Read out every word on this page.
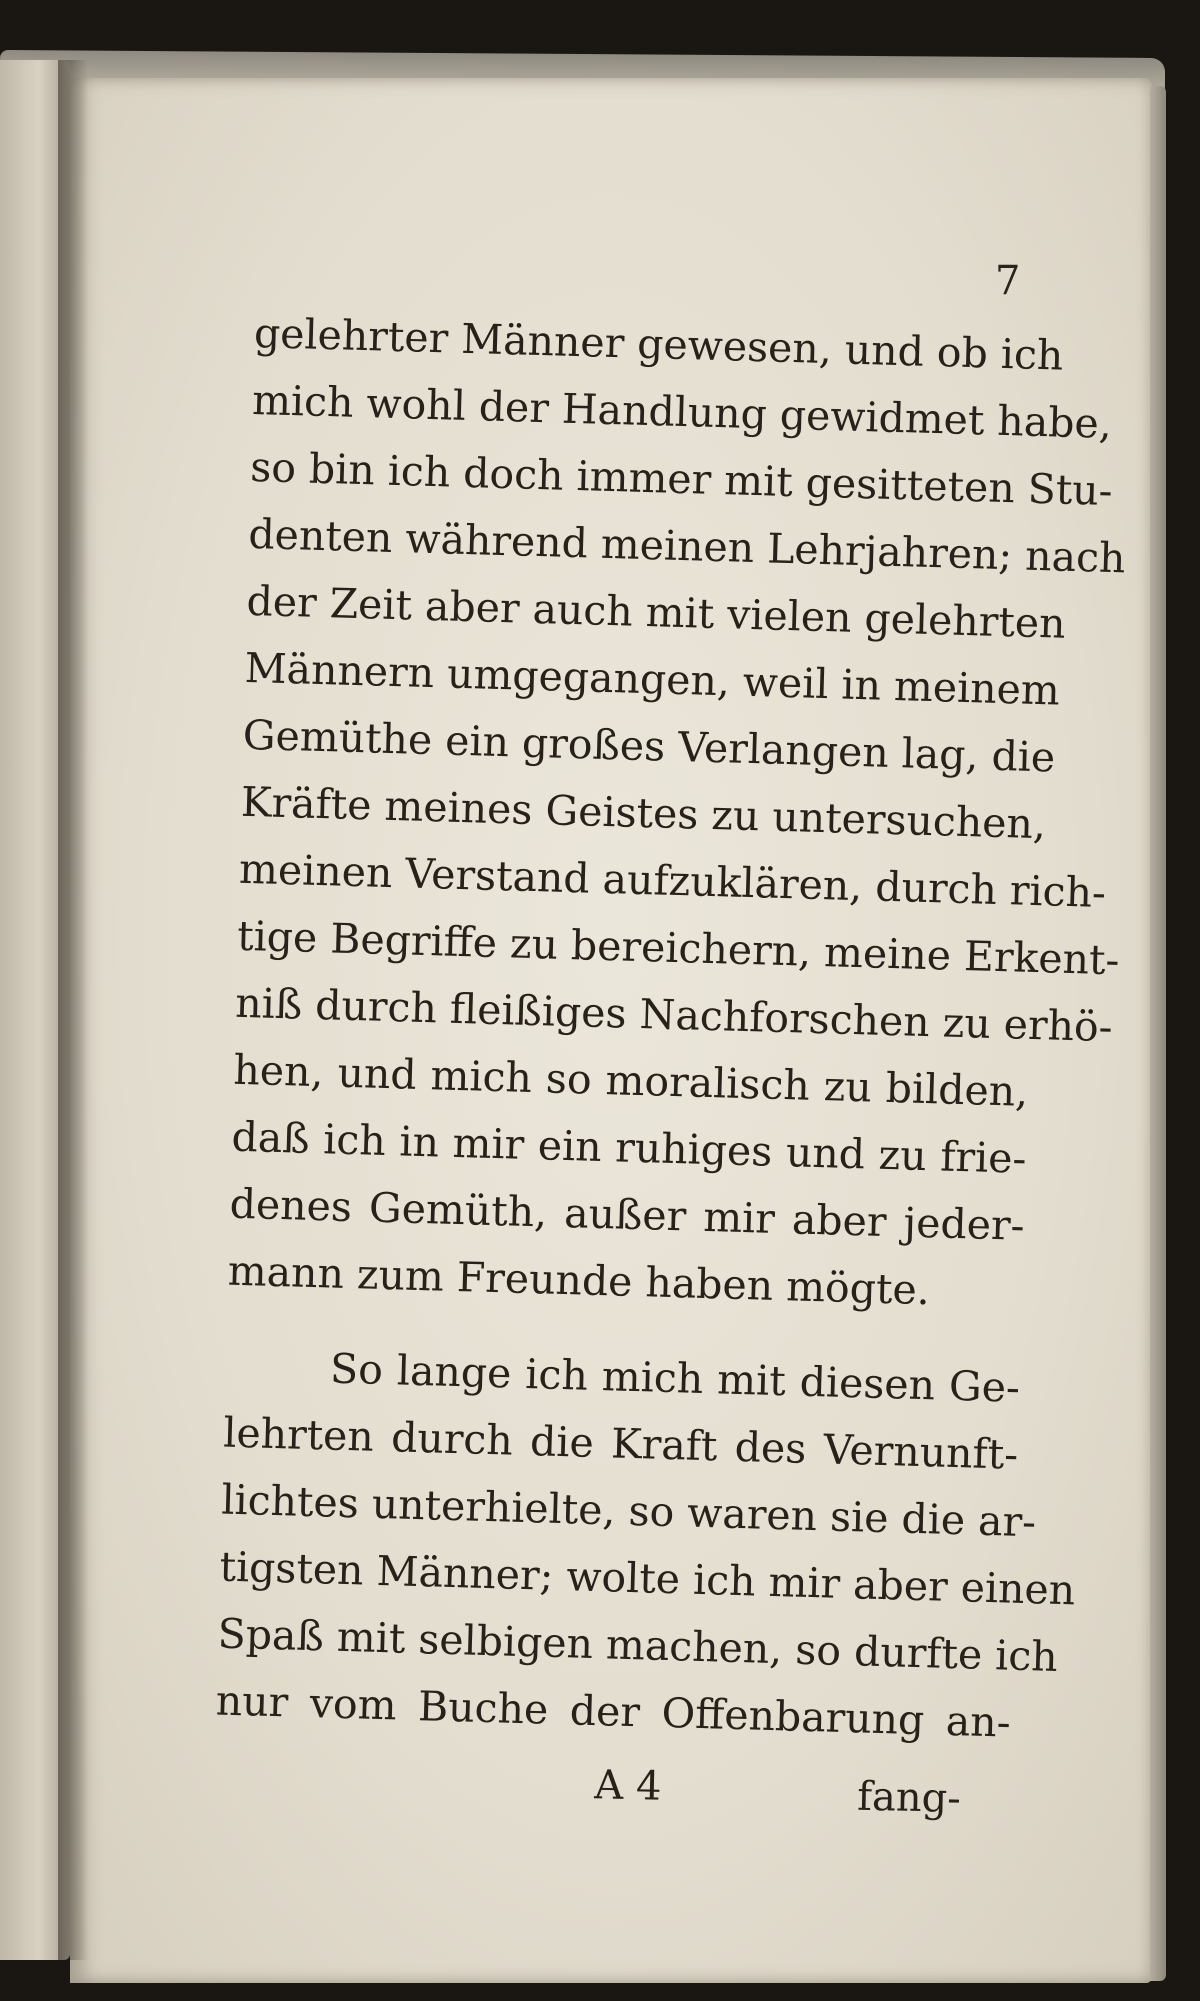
7
gelehrter Männer gewesen, und ob ich
mich wohl der Handlung gewidmet habe,
so bin ich doch immer mit gesitteten Stu-
denten während meinen Lehrjahren; nach
der Zeit aber auch mit vielen gelehrten
Männern umgegangen, weil in meinem
Gemüthe ein großes Verlangen lag, die
Kräfte meines Geistes zu untersuchen,
meinen Verstand aufzuklären, durch rich-
tige Begriffe zu bereichern, meine Erkent-
niß durch fleißiges Nachforschen zu erhö-
hen, und mich so moralisch zu bilden,
daß ich in mir ein ruhiges und zu frie-
denes Gemüth, außer mir aber jeder-
mann zum Freunde haben mögte.
So lange ich mich mit diesen Ge-
lehrten durch die Kraft des Vernunft-
lichtes unterhielte, so waren sie die ar-
tigsten Männer; wolte ich mir aber einen
Spaß mit selbigen machen, so durfte ich
nur vom Buche der Offenbarung an-
A 4	fang-
